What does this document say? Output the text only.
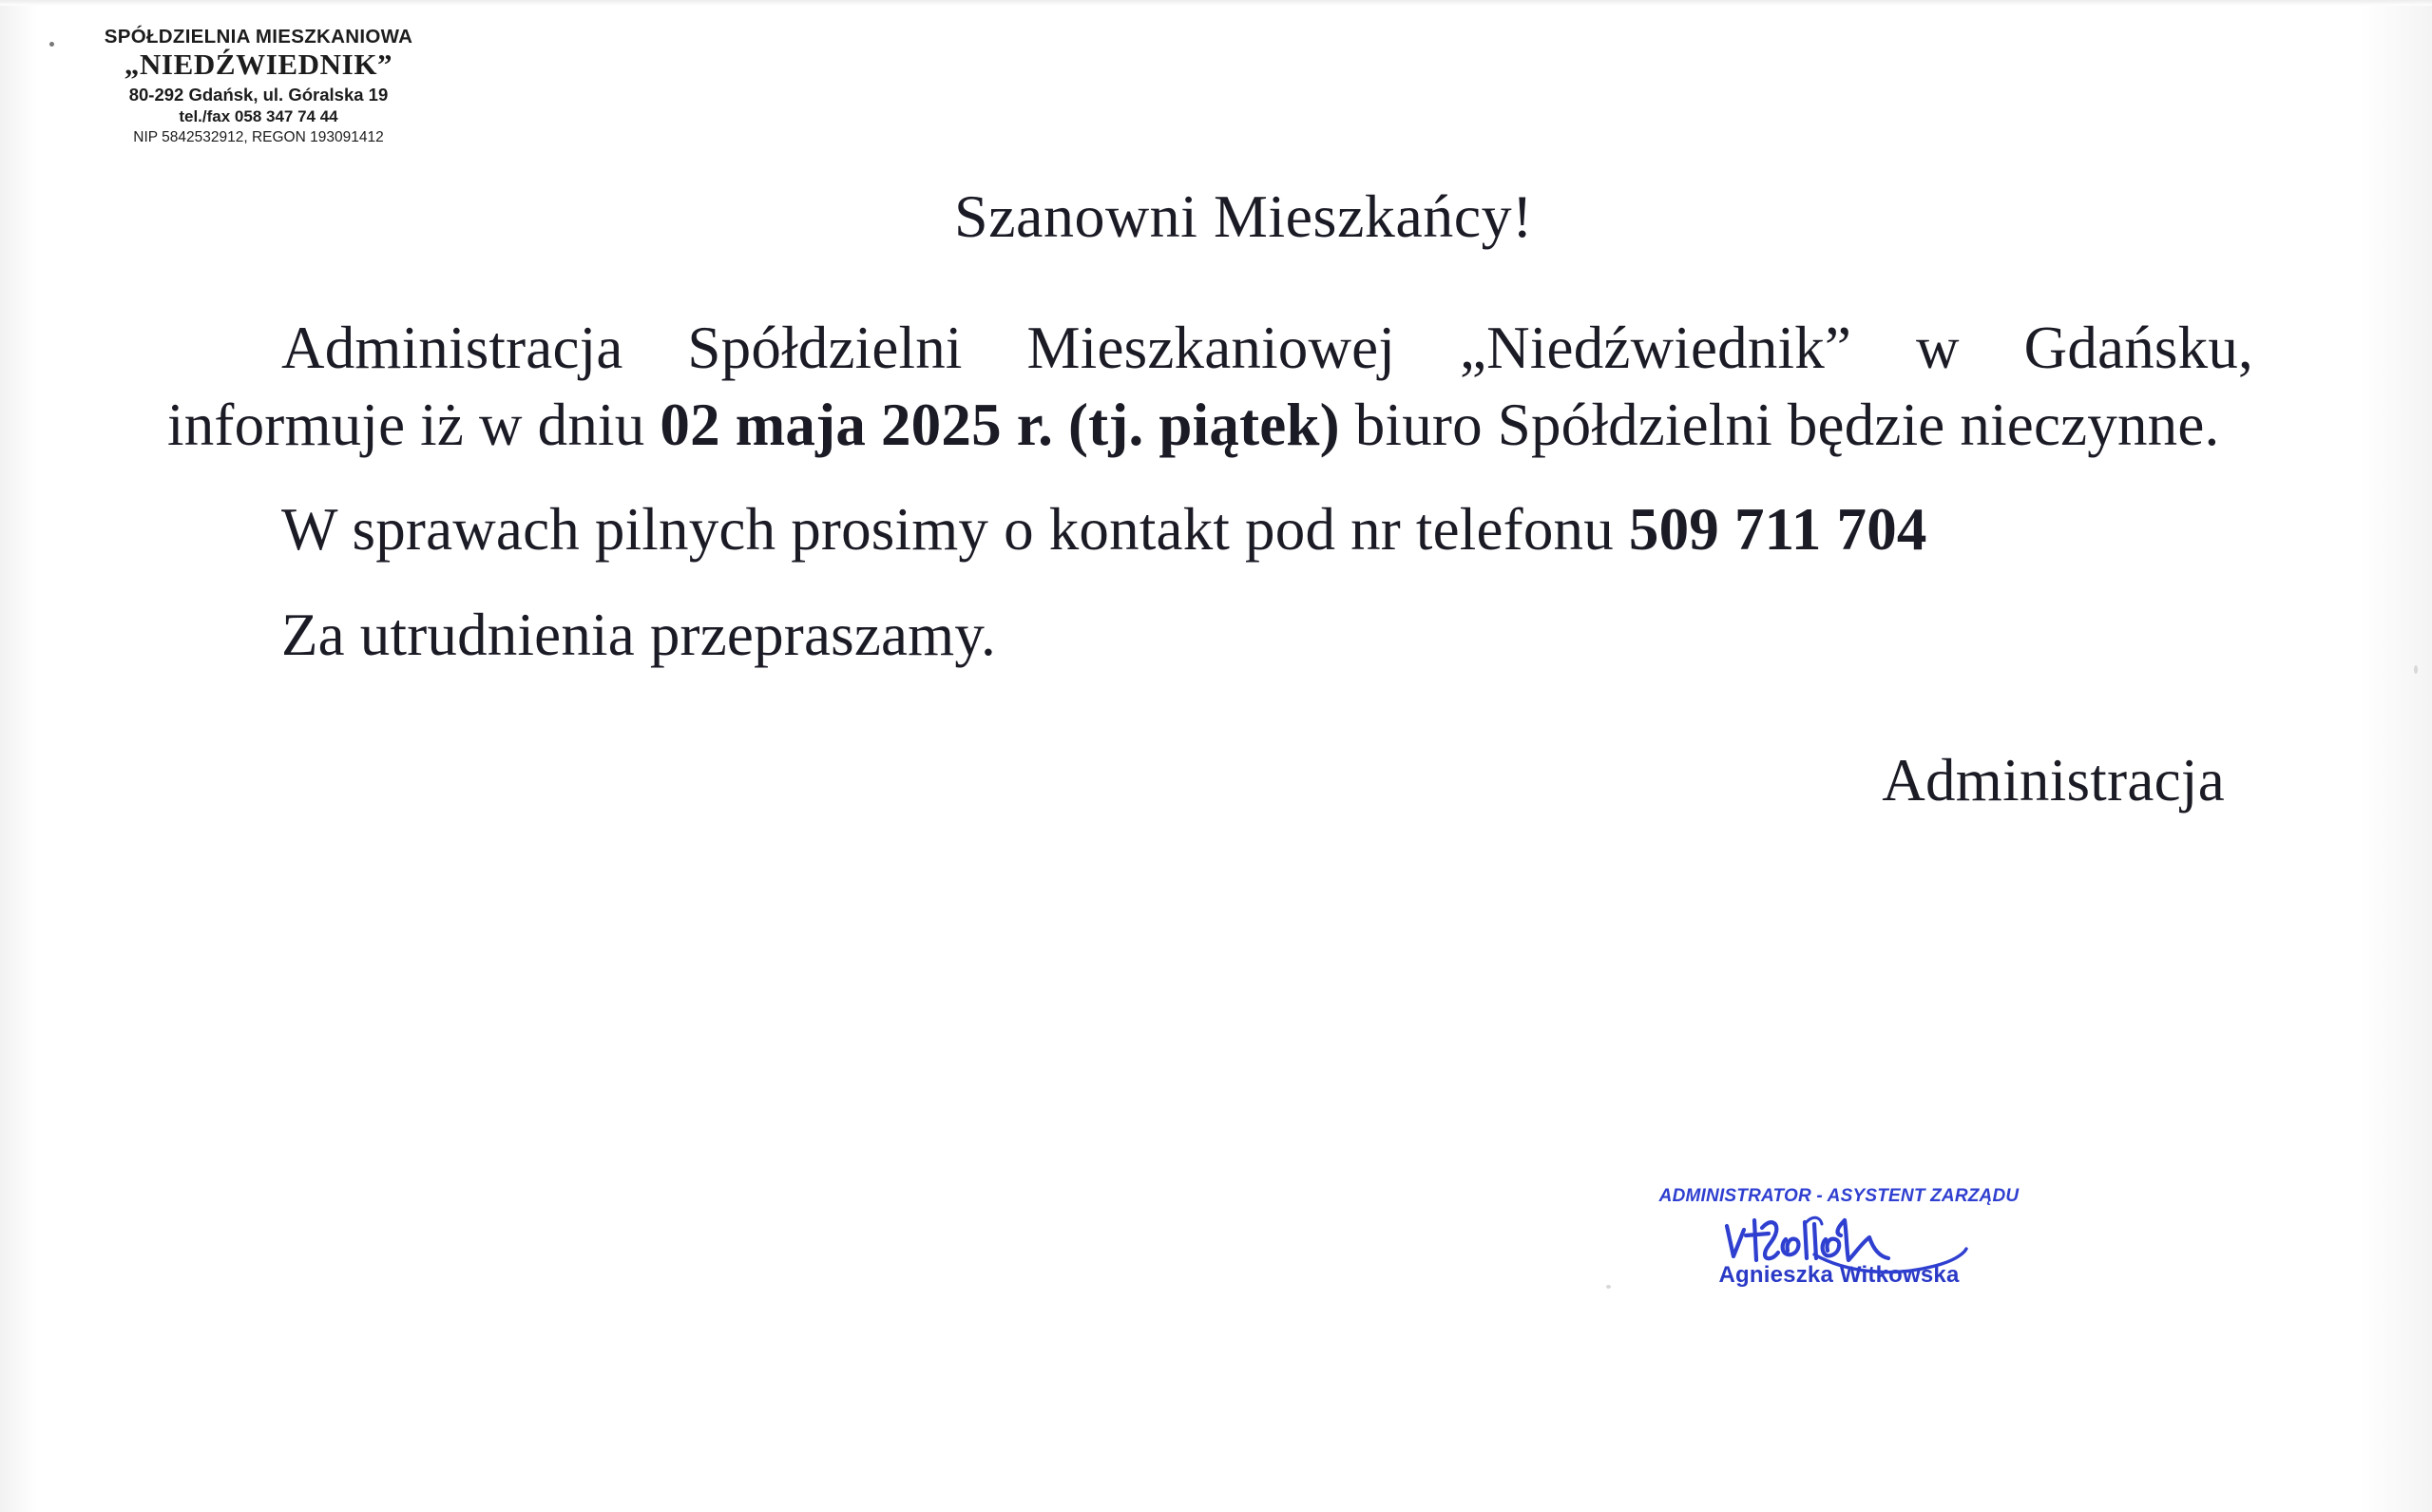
SPÓŁDZIELNIA MIESZKANIOWA
„NIEDŹWIEDNIK”
80-292 Gdańsk, ul. Góralska 19
tel./fax 058 347 74 44
NIP 5842532912, REGON 193091412
Szanowni Mieszkańcy!

Administracja Spółdzielni Mieszkaniowej „Niedźwiednik” w Gdańsku, informuje iż w dniu 02 maja 2025 r. (tj. piątek) biuro Spółdzielni będzie nieczynne.

W sprawach pilnych prosimy o kontakt pod nr telefonu 509 711 704

Za utrudnienia przepraszamy.

Administracja
ADMINISTRATOR - ASYSTENT ZARZĄDU
Agnieszka Witkowska
